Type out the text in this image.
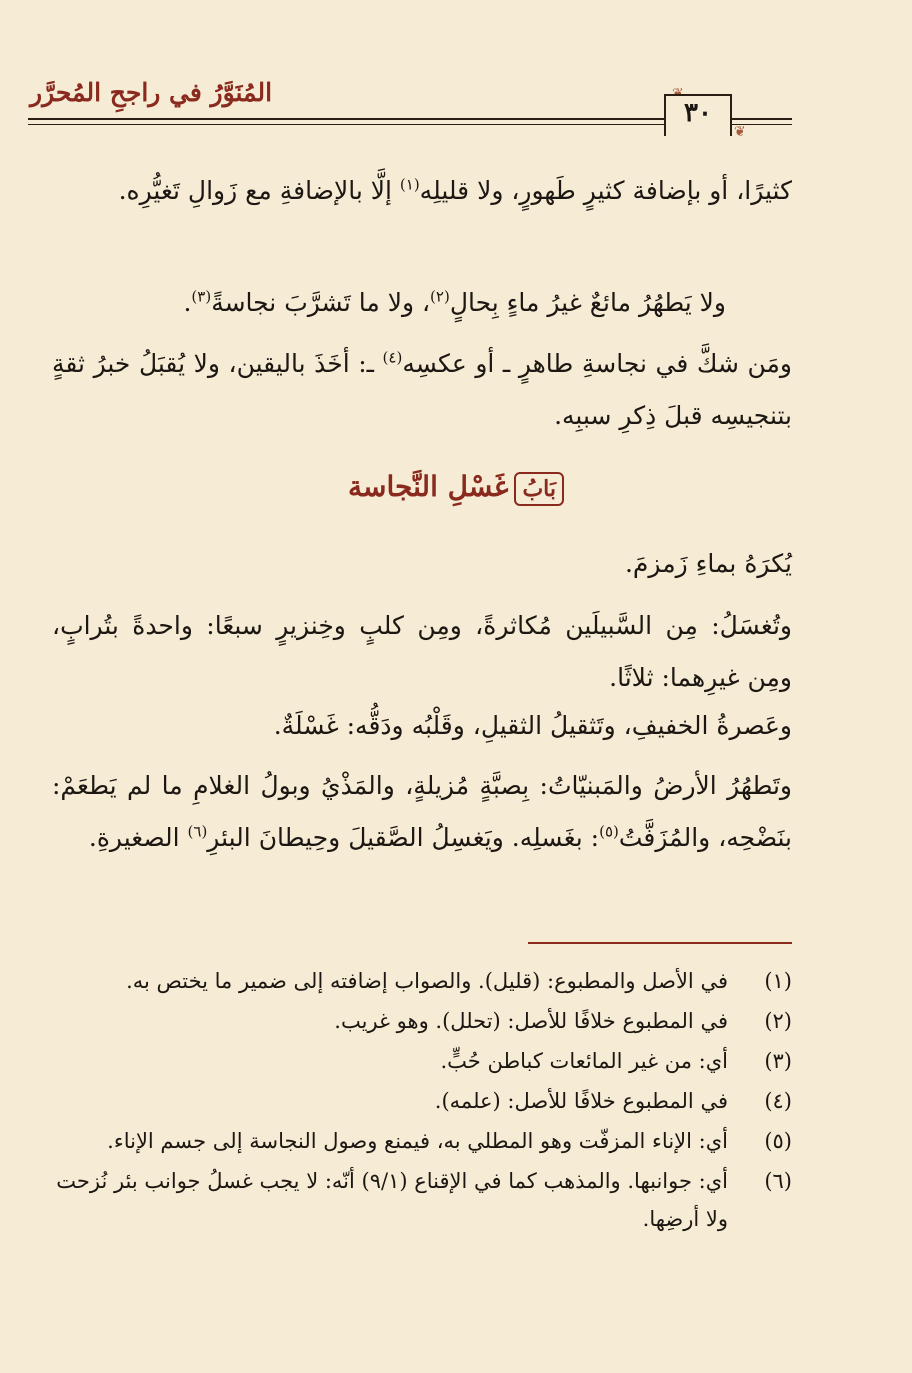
المُنَوَّرُ في راجحِ المُحرَّر
❦
٣٠
كثيرًا، أو بإضافة كثيرٍ طَهورٍ، ولا قليلِه$^{(١)}$ إلَّا بالإضافةِ مع زَوالِ تَغيُّرِه.
ولا يَطهُرُ مائعٌ غيرُ ماءٍ بِحالٍ$^{(٢)}$، ولا ما تَشرَّبَ نجاسةً$^{(٣)}$.
ومَن شكَّ في نجاسةِ طاهرٍ ـ أو عكسِه$^{(٤)}$ ـ: أخَذَ باليقين، ولا يُقبَلُ خبرُ ثقةٍ بتنجيسِه قبلَ ذِكرِ سببِه.
بَابُغَسْلِ النَّجاسة
يُكرَهُ بماءِ زَمزمَ.
وتُغسَلُ: مِن السَّبيلَين مُكاثرةً، ومِن كلبٍ وخِنزيرٍ سبعًا: واحدةً بتُرابٍ، ومِن غيرِهما: ثلاثًا.
وعَصرةُ الخفيفِ، وتَثقيلُ الثقيلِ، وقَلْبُه ودَقُّه: غَسْلَةٌ.
وتَطهُرُ الأرضُ والمَبنيّاتُ: بِصبَّةٍ مُزيلةٍ، والمَذْيُ وبولُ الغلامِ ما لم يَطعَمْ: بنَضْحِه، والمُزَفَّتُ$^{(٥)}$: بغَسلِه. ويَغسِلُ الصَّقيلَ وحِيطانَ البئرِ$^{(٦)}$ الصغيرةِ.
(١)
في الأصل والمطبوع: (قليل). والصواب إضافته إلى ضمير ما يختص به.
(٢)
في المطبوع خلافًا للأصل: (تحلل). وهو غريب.
(٣)
أي: من غير المائعات كباطن حُبٍّ.
(٤)
في المطبوع خلافًا للأصل: (علمه).
(٥)
أي: الإناء المزفّت وهو المطلي به، فيمنع وصول النجاسة إلى جسم الإناء.
(٦)
أي: جوانبها. والمذهب كما في الإقناع (٩/١) أنّه: لا يجب غسلُ جوانب بئر نُزحت ولا أرضِها.
